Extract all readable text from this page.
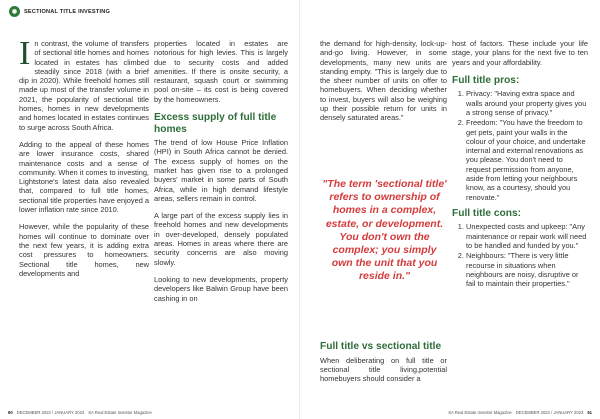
◉	SECTIONAL TITLE INVESTING

In contrast, the volume of transfers of sectional title homes and homes located in estates has climbed steadily since 2018 (with a brief dip in 2020). While freehold homes still made up most of the transfer volume in 2021, the popularity of sectional title homes, homes in new developments and homes located in estates continues to surge across South Africa.

Adding to the appeal of these homes are lower insurance costs, shared maintenance costs and a sense of community. When it comes to investing, Lightstone's latest data also revealed that, compared to full title homes, sectional title properties have enjoyed a lower inflation rate since 2010.

However, while the popularity of these homes will continue to dominate over the next few years, it is adding extra cost pressures to homeowners. Sectional title homes, new developments and

properties located in estates are notorious for high levies. This is largely due to security costs and added amenities. If there is onsite security, a restaurant, squash court or swimming pool on-site – its cost is being covered by the homeowners.

Excess supply of full title homes

The trend of low House Price Inflation (HPI) in South Africa cannot be denied. The excess supply of homes on the market has given rise to a prolonged buyers' market in some parts of South Africa, while in high demand lifestyle areas, sellers remain in control.

A large part of the excess supply lies in freehold homes and new developments in over-developed, densely populated areas. Homes in areas where there are security concerns are also moving slowly.

Looking to new developments, property developers like Balwin Group have been cashing in on

60 DECEMBER 2022 / JANUARY 2023 SA Real Estate Investor Magazine

the demand for high-density, lock-up-and-go living. However, in some developments, many new units are standing empty. "This is largely due to the sheer number of units on offer to homebuyers. When deciding whether to invest, buyers will also be weighing up their possible return for units in densely saturated areas."

"The term 'sectional title' refers to ownership of homes in a complex, estate, or development. You don't own the complex; you simply own the unit that you reside in."
Full title vs sectional title

When deliberating on full title or sectional title living,potential homebuyers should consider a

host of factors. These include your life stage, your plans for the next five to ten years and your affordability.

Full title pros:
1. Privacy: "Having extra space and walls around your property gives you a strong sense of privacy."
2. Freedom: "You have the freedom to get pets, paint your walls in the colour of your choice, and undertake internal and external renovations as you please. You don't need to request permission from anyone, aside from letting your neighbours know, as a courtesy, should you renovate."
Full title cons:
1. Unexpected costs and upkeep: "Any maintenance or repair work will need to be handled and funded by you."
2. Neighbours: "There is very little recourse in situations when neighbours are noisy, disruptive or fail to maintain their properties."
SA Real Estate Investor Magazine DECEMBER 2022 / JANUARY 2023 61
